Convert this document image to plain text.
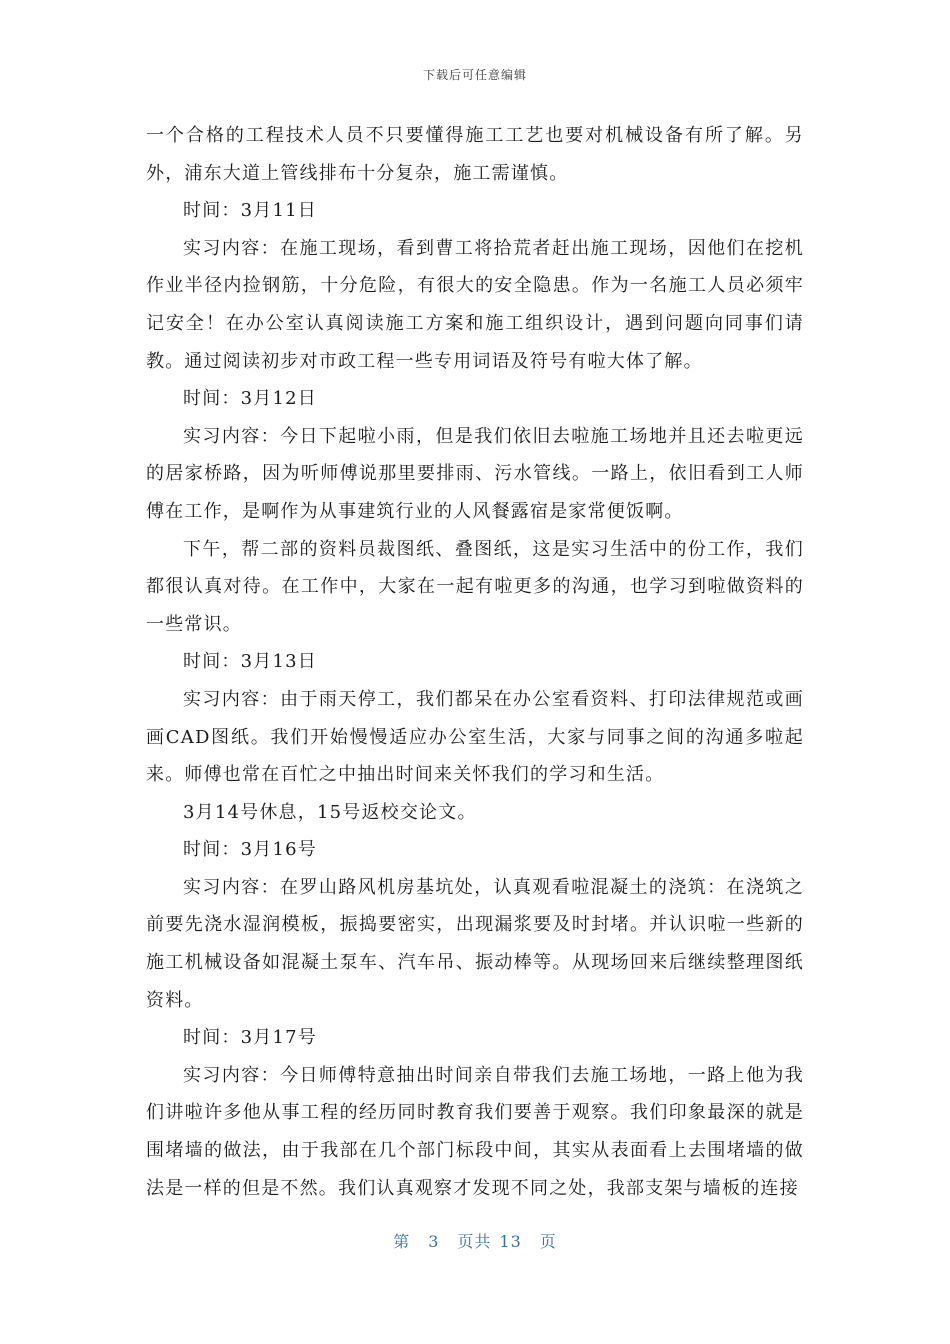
下载后可任意编辑

一个合格的工程技术人员不只要懂得施工工艺也要对机械设备有所了解。另外，浦东大道上管线排布十分复杂，施工需谨慎。

时间：3月11日

实习内容：在施工现场，看到曹工将拾荒者赶出施工现场，因他们在挖机作业半径内捡钢筋，十分危险，有很大的安全隐患。作为一名施工人员必须牢记安全！在办公室认真阅读施工方案和施工组织设计，遇到问题向同事们请教。通过阅读初步对市政工程一些专用词语及符号有啦大体了解。

时间：3月12日

实习内容：今日下起啦小雨，但是我们依旧去啦施工场地并且还去啦更远的居家桥路，因为听师傅说那里要排雨、污水管线。一路上，依旧看到工人师傅在工作，是啊作为从事建筑行业的人风餐露宿是家常便饭啊。

下午，帮二部的资料员裁图纸、叠图纸，这是实习生活中的份工作，我们都很认真对待。在工作中，大家在一起有啦更多的沟通，也学习到啦做资料的一些常识。

时间：3月13日

实习内容：由于雨天停工，我们都呆在办公室看资料、打印法律规范或画画CAD图纸。我们开始慢慢适应办公室生活，大家与同事之间的沟通多啦起来。师傅也常在百忙之中抽出时间来关怀我们的学习和生活。

3月14号休息，15号返校交论文。

时间：3月16号

实习内容：在罗山路风机房基坑处，认真观看啦混凝土的浇筑：在浇筑之前要先浇水湿润模板，振捣要密实，出现漏浆要及时封堵。并认识啦一些新的施工机械设备如混凝土泵车、汽车吊、振动棒等。从现场回来后继续整理图纸资料。

时间：3月17号

实习内容：今日师傅特意抽出时间亲自带我们去施工场地，一路上他为我们讲啦许多他从事工程的经历同时教育我们要善于观察。我们印象最深的就是围堵墙的做法，由于我部在几个部门标段中间，其实从表面看上去围堵墙的做法是一样的但是不然。我们认真观察才发现不同之处，我部支架与墙板的连接

第 3 页共 13 页
